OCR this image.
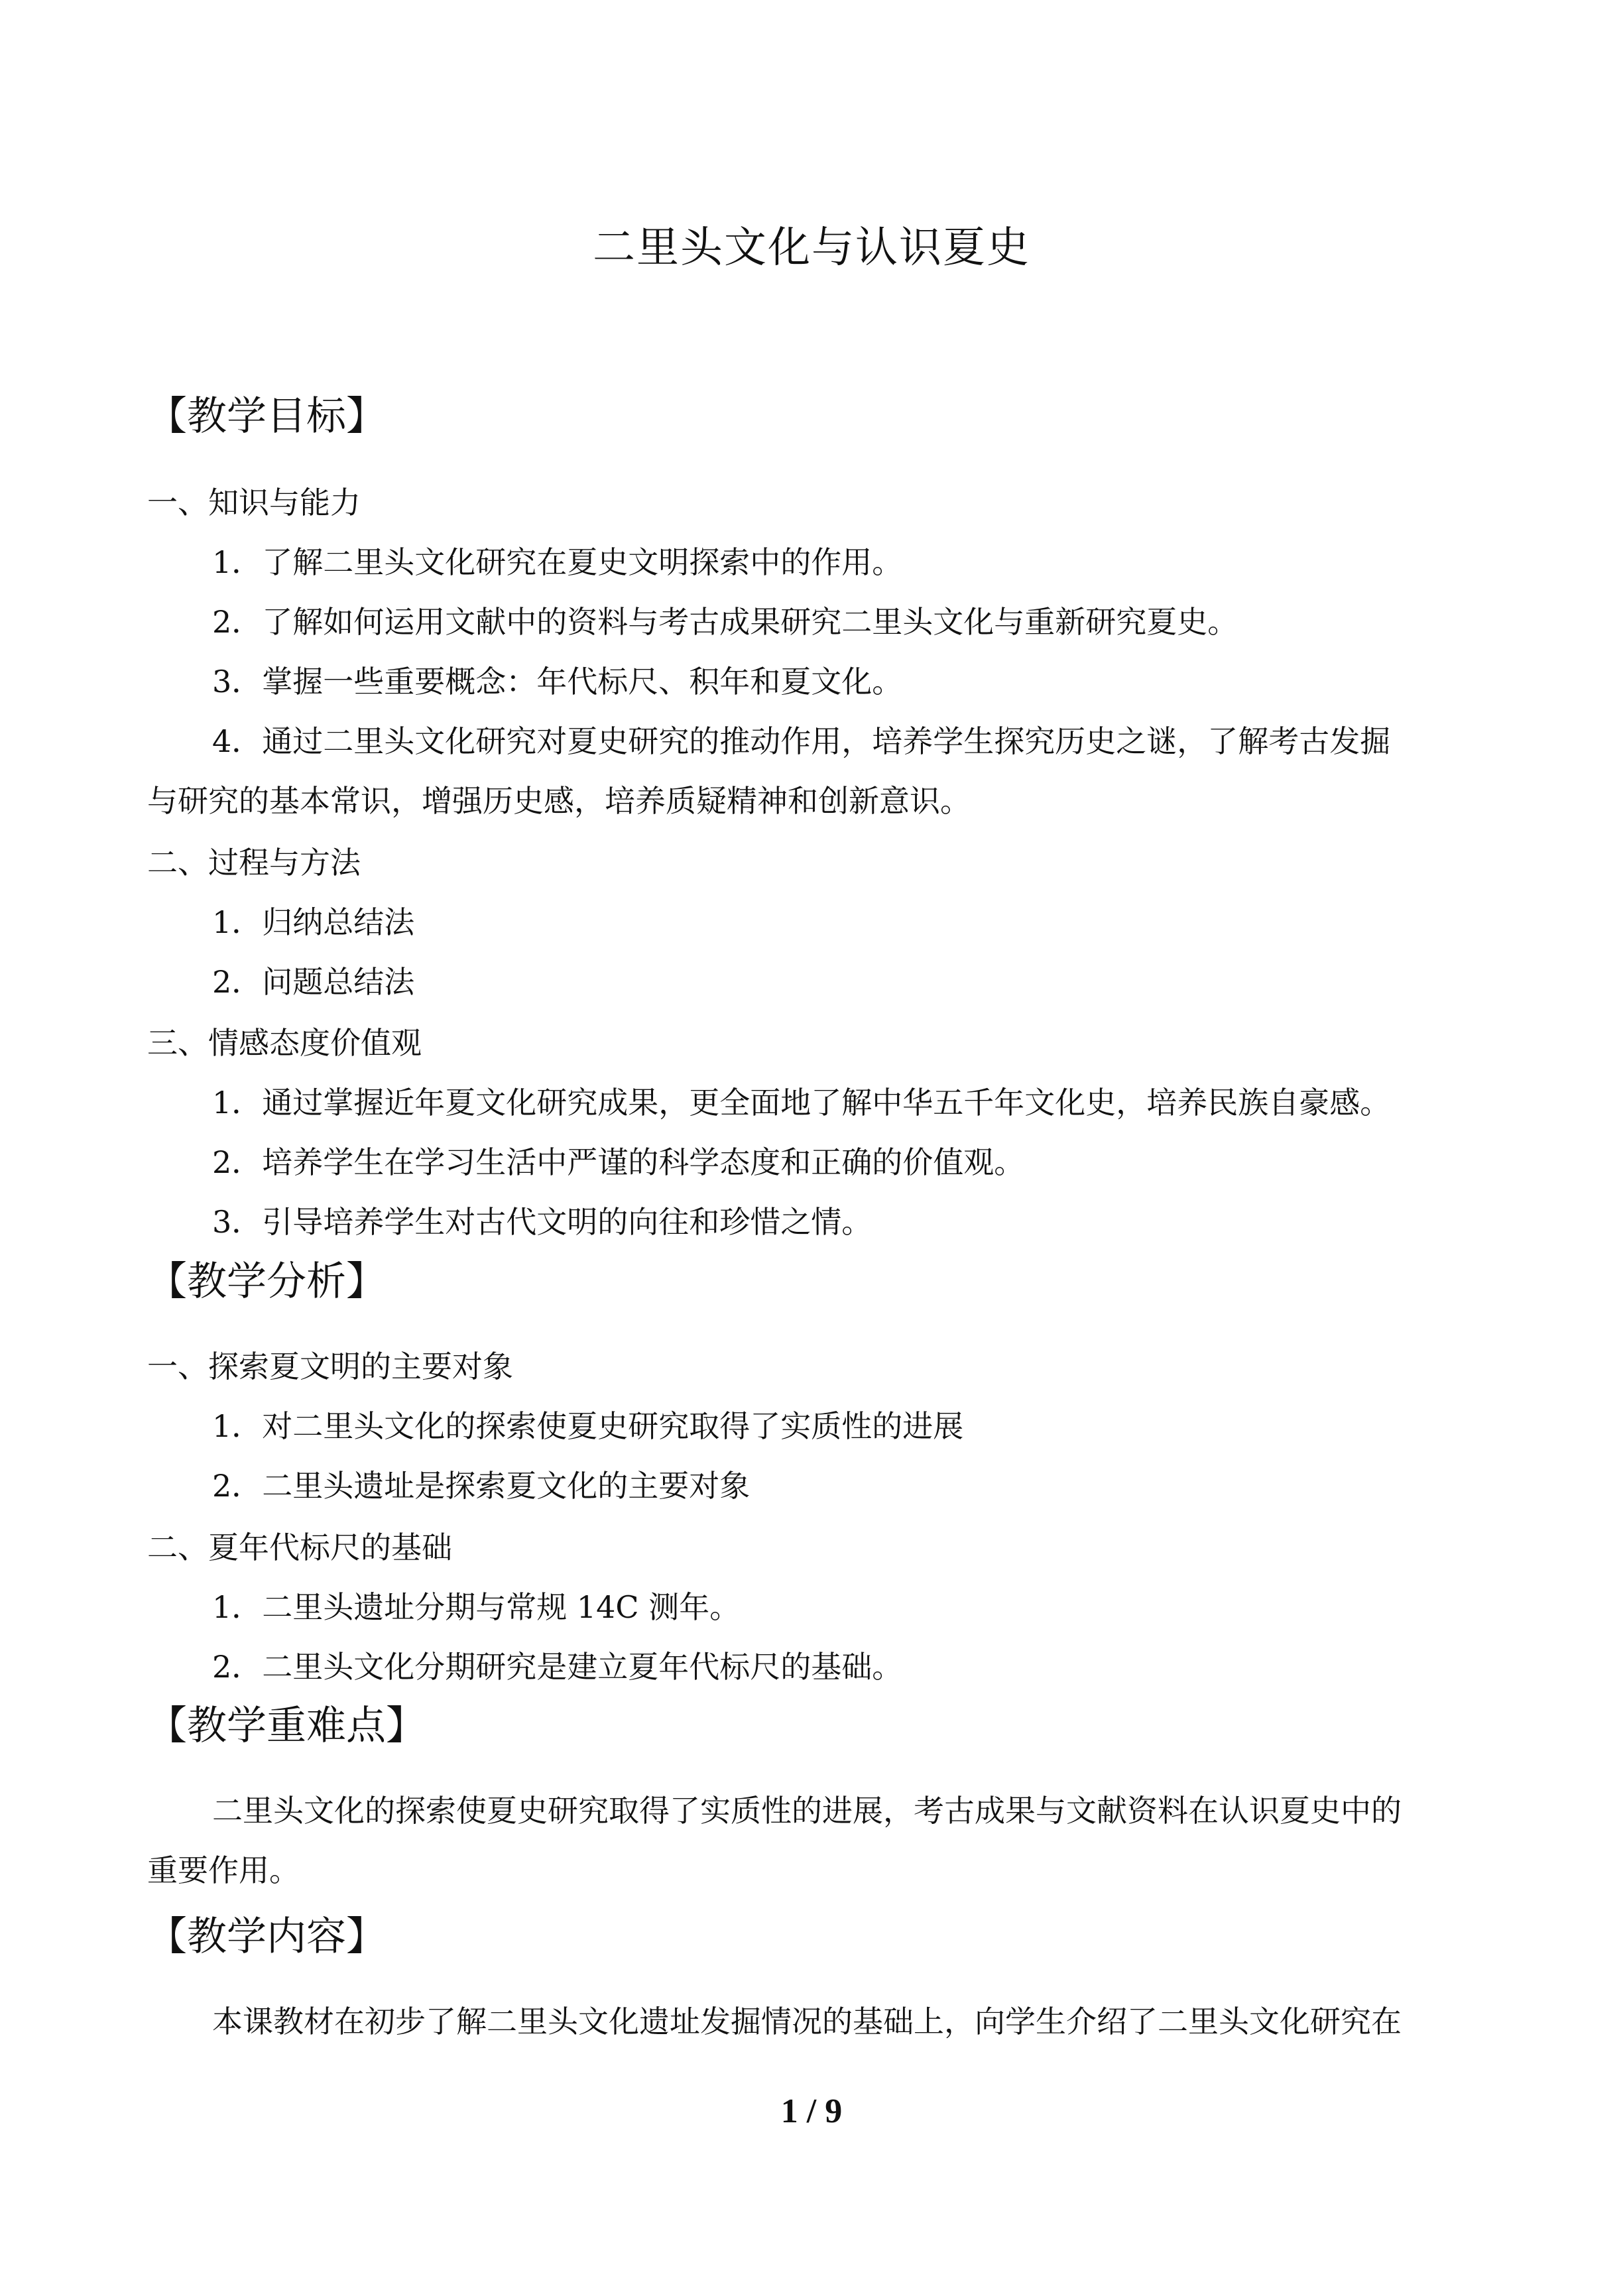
二里头文化与认识夏史
【教学目标】
一、知识与能力
1．了解二里头文化研究在夏史文明探索中的作用。
2．了解如何运用文献中的资料与考古成果研究二里头文化与重新研究夏史。
3．掌握一些重要概念：年代标尺、积年和夏文化。
4．通过二里头文化研究对夏史研究的推动作用，培养学生探究历史之谜，了解考古发掘
与研究的基本常识，增强历史感，培养质疑精神和创新意识。
二、过程与方法
1．归纳总结法
2．问题总结法
三、情感态度价值观
1．通过掌握近年夏文化研究成果，更全面地了解中华五千年文化史，培养民族自豪感。
2．培养学生在学习生活中严谨的科学态度和正确的价值观。
3．引导培养学生对古代文明的向往和珍惜之情。
【教学分析】
一、探索夏文明的主要对象
1．对二里头文化的探索使夏史研究取得了实质性的进展
2．二里头遗址是探索夏文化的主要对象
二、夏年代标尺的基础
1．二里头遗址分期与常规 14C 测年。
2．二里头文化分期研究是建立夏年代标尺的基础。
【教学重难点】
二里头文化的探索使夏史研究取得了实质性的进展，考古成果与文献资料在认识夏史中的
重要作用。
【教学内容】
本课教材在初步了解二里头文化遗址发掘情况的基础上，向学生介绍了二里头文化研究在
1 / 9
